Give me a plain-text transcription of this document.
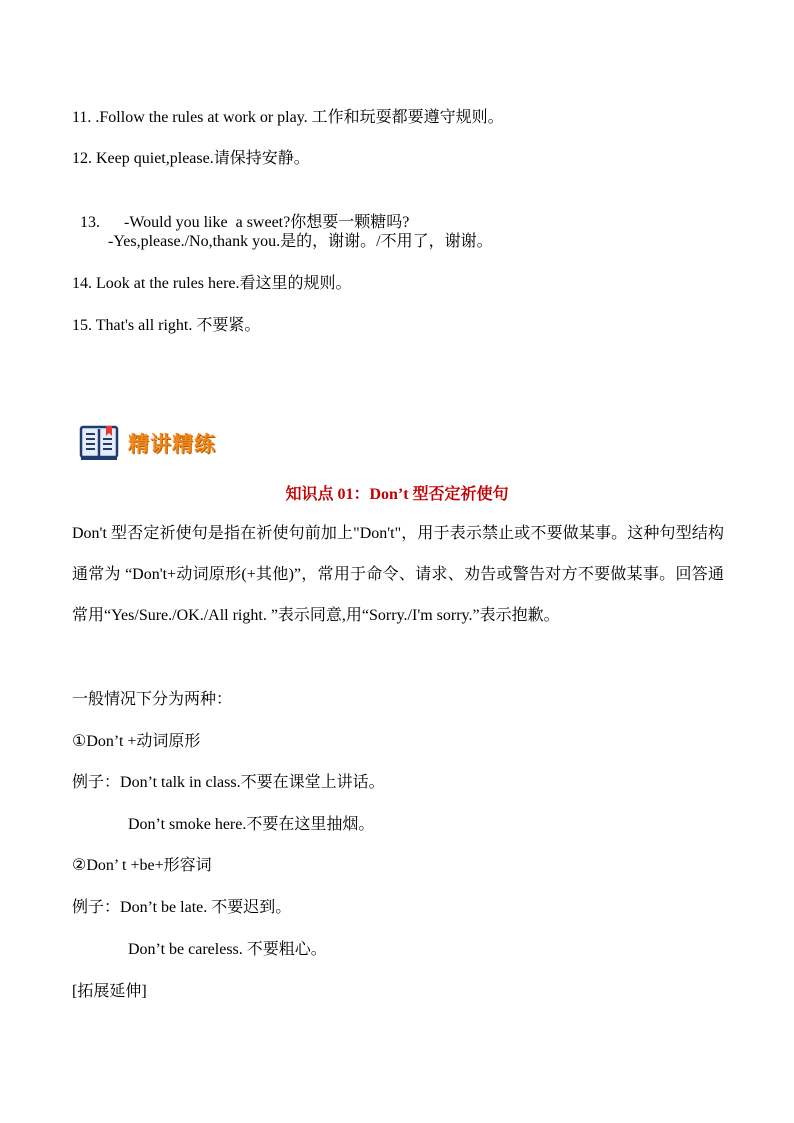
11. .Follow the rules at work or play. 工作和玩耍都要遵守规则。
12. Keep quiet,please.请保持安静。

13.      -Would you like  a sweet?你想要一颗糖吗?

-Yes,please./No,thank you.是的，谢谢。/不用了，谢谢。
14. Look at the rules here.看这里的规则。
15. That's all right. 不要紧。
精讲精练
知识点 01：Don’t 型否定祈使句
Don't 型否定祈使句是指在祈使句前加上"Don't"，用于表示禁止或不要做某事。这种句型结构通常为 “Don't+动词原形(+其他)”，常用于命令、请求、劝告或警告对方不要做某事。回答通常用“Yes/Sure./OK./All right. ”表示同意,用“Sorry./I'm sorry.”表示抱歉。
一般情况下分为两种：
①Don’t +动词原形
例子：Don’t talk in class.不要在课堂上讲话。
Don’t smoke here.不要在这里抽烟。
②Don’ t +be+形容词
例子：Don’t be late. 不要迟到。
Don’t be careless. 不要粗心。
[拓展延伸]
